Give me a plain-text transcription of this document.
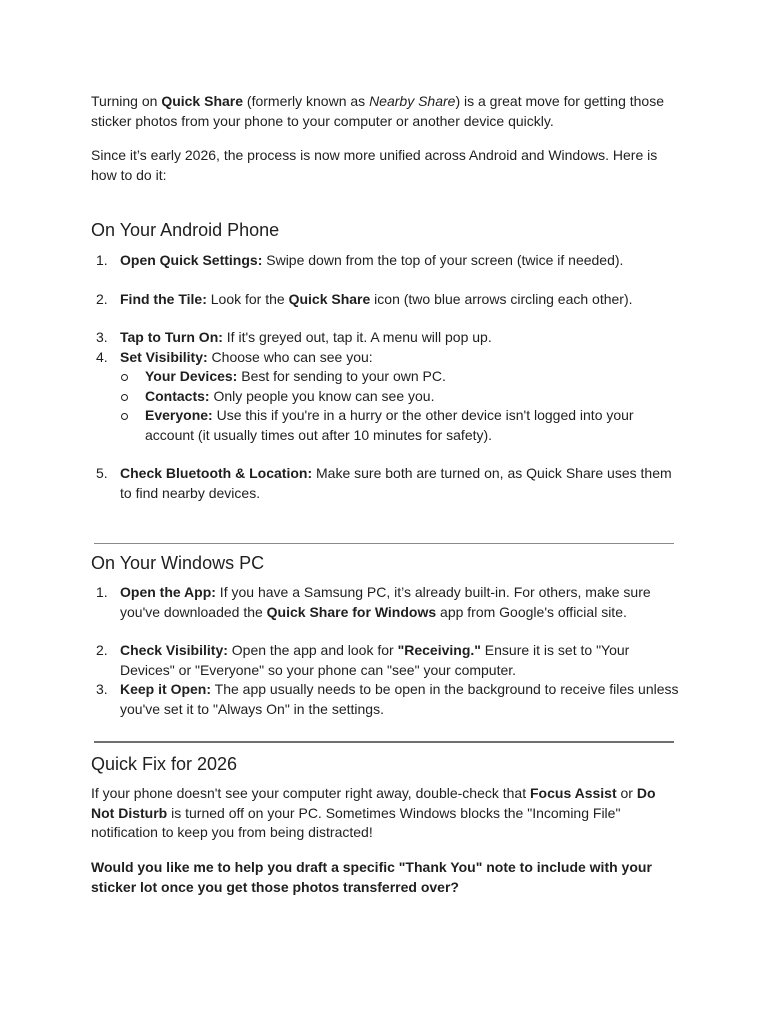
Turning on Quick Share (formerly known as Nearby Share) is a great move for getting those sticker photos from your phone to your computer or another device quickly.

Since it’s early 2026, the process is now more unified across Android and Windows. Here is how to do it:

On Your Android Phone
1. Open Quick Settings: Swipe down from the top of your screen (twice if needed).
2. Find the Tile: Look for the Quick Share icon (two blue arrows circling each other).
3. Tap to Turn On: If it's greyed out, tap it. A menu will pop up.
4. Set Visibility: Choose who can see you:
Your Devices: Best for sending to your own PC.
Contacts: Only people you know can see you.
Everyone: Use this if you're in a hurry or the other device isn't logged into your account (it usually times out after 10 minutes for safety).
5. Check Bluetooth & Location: Make sure both are turned on, as Quick Share uses them to find nearby devices.
On Your Windows PC
1. Open the App: If you have a Samsung PC, it’s already built-in. For others, make sure you've downloaded the Quick Share for Windows app from Google's official site.
2. Check Visibility: Open the app and look for "Receiving." Ensure it is set to "Your Devices" or "Everyone" so your phone can "see" your computer.
3. Keep it Open: The app usually needs to be open in the background to receive files unless you've set it to "Always On" in the settings.
Quick Fix for 2026

If your phone doesn't see your computer right away, double-check that Focus Assist or Do Not Disturb is turned off on your PC. Sometimes Windows blocks the "Incoming File" notification to keep you from being distracted!

Would you like me to help you draft a specific "Thank You" note to include with your sticker lot once you get those photos transferred over?
